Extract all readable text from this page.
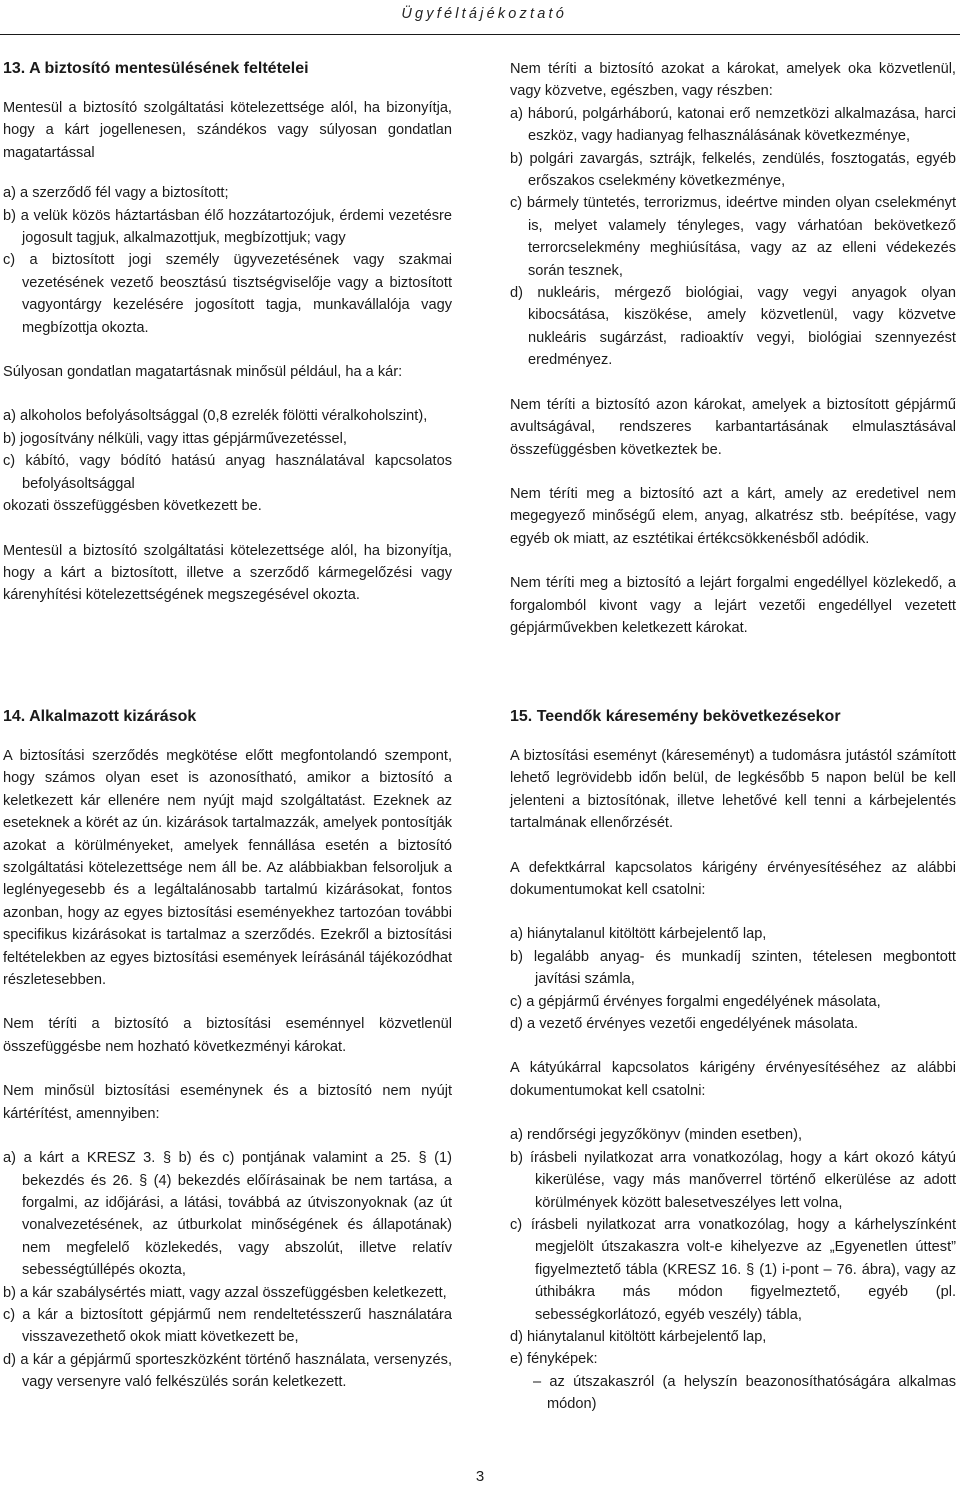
Ügyféltájékoztató
13. A biztosító mentesülésének feltételei

Mentesül a biztosító szolgáltatási kötelezettsége alól, ha bizonyítja, hogy a kárt jogellenesen, szándékos vagy súlyosan gondatlan magatartással

a) a szerződő fél vagy a biztosított;

b) a velük közös háztartásban élő hozzátartozójuk, érdemi vezetésre jogosult tagjuk, alkalmazottjuk, megbízottjuk; vagy

c) a biztosított jogi személy ügyvezetésének vagy szakmai vezetésének vezető beosztású tisztségviselője vagy a biztosított vagyontárgy kezelésére jogosított tagja, munkavállalója vagy megbízottja okozta.

Súlyosan gondatlan magatartásnak minősül például, ha a kár:

a) alkoholos befolyásoltsággal (0,8 ezrelék fölötti véralkoholszint),

b) jogosítvány nélküli, vagy ittas gépjárművezetéssel,

c) kábító, vagy bódító hatású anyag használatával kapcsolatos befolyásoltsággal

okozati összefüggésben következett be.

Mentesül a biztosító szolgáltatási kötelezettsége alól, ha bizonyítja, hogy a kárt a biztosított, illetve a szerződő kármegelőzési vagy kárenyhítési kötelezettségének megszegésével okozta.

Nem téríti a biztosító azokat a károkat, amelyek oka közvetlenül, vagy közvetve, egészben, vagy részben:

a) háború, polgárháború, katonai erő nemzetközi alkalmazása, harci eszköz, vagy hadianyag felhasználásának következménye,

b) polgári zavargás, sztrájk, felkelés, zendülés, fosztogatás, egyéb erőszakos cselekmény következménye,

c) bármely tüntetés, terrorizmus, ideértve minden olyan cselekményt is, melyet valamely tényleges, vagy várhatóan bekövetkező terrorcselekmény meghiúsítása, vagy az az elleni védekezés során tesznek,

d) nukleáris, mérgező biológiai, vagy vegyi anyagok olyan kibocsátása, kiszökése, amely közvetlenül, vagy közvetve nukleáris sugárzást, radioaktív vegyi, biológiai szennyezést eredményez.

Nem téríti a biztosító azon károkat, amelyek a biztosított gépjármű avultságával, rendszeres karbantartásának elmulasztásával összefüggésben következtek be.

Nem téríti meg a biztosító azt a kárt, amely az eredetivel nem megegyező minőségű elem, anyag, alkatrész stb. beépítése, vagy egyéb ok miatt, az esztétikai értékcsökkenésből adódik.

Nem téríti meg a biztosító a lejárt forgalmi engedéllyel közlekedő, a forgalomból kivont vagy a lejárt vezetői engedéllyel vezetett gépjárművekben keletkezett károkat.

14. Alkalmazott kizárások

A biztosítási szerződés megkötése előtt megfontolandó szempont, hogy számos olyan eset is azonosítható, amikor a biztosító a keletkezett kár ellenére nem nyújt majd szolgáltatást. Ezeknek az eseteknek a körét az ún. kizárások tartalmazzák, amelyek pontosítják azokat a körülményeket, amelyek fennállása esetén a biztosító szolgáltatási kötelezettsége nem áll be. Az alábbiakban felsoroljuk a leglényegesebb és a legáltalánosabb tartalmú kizárásokat, fontos azonban, hogy az egyes biztosítási eseményekhez tartozóan további specifikus kizárásokat is tartalmaz a szerződés. Ezekről a biztosítási feltételekben az egyes biztosítási események leírásánál tájékozódhat részletesebben.

Nem téríti a biztosító a biztosítási eseménnyel közvetlenül összefüggésbe nem hozható következményi károkat.

Nem minősül biztosítási eseménynek és a biztosító nem nyújt kártérítést, amennyiben:

a) a kárt a KRESZ 3. § b) és c) pontjának valamint a 25. § (1) bekezdés és 26. § (4) bekezdés előírásainak be nem tartása, a forgalmi, az időjárási, a látási, továbbá az útviszonyoknak (az út vonalvezetésének, az útburkolat minőségének és állapotának) nem megfelelő közlekedés, vagy abszolút, illetve relatív sebességtúllépés okozta,

b) a kár szabálysértés miatt, vagy azzal összefüggésben keletkezett,

c) a kár a biztosított gépjármű nem rendeltetésszerű használatára visszavezethető okok miatt következett be,

d) a kár a gépjármű sporteszközként történő használata, versenyzés, vagy versenyre való felkészülés során keletkezett.

15. Teendők káresemény bekövetkezésekor

A biztosítási eseményt (káreseményt) a tudomásra jutástól számított lehető legrövidebb időn belül, de legkésőbb 5 napon belül be kell jelenteni a biztosítónak, illetve lehetővé kell tenni a kárbejelentés tartalmának ellenőrzését.

A defektkárral kapcsolatos kárigény érvényesítéséhez az alábbi dokumentumokat kell csatolni:

a) hiánytalanul kitöltött kárbejelentő lap,

b) legalább anyag- és munkadíj szinten, tételesen megbontott javítási számla,

c) a gépjármű érvényes forgalmi engedélyének másolata,

d) a vezető érvényes vezetői engedélyének másolata.

A kátyúkárral kapcsolatos kárigény érvényesítéséhez az alábbi dokumentumokat kell csatolni:

a) rendőrségi jegyzőkönyv (minden esetben),

b) írásbeli nyilatkozat arra vonatkozólag, hogy a kárt okozó kátyú kikerülése, vagy más manőverrel történő elkerülése az adott körülmények között balesetveszélyes lett volna,

c) írásbeli nyilatkozat arra vonatkozólag, hogy a kárhelyszínként megjelölt útszakaszra volt-e kihelyezve az „Egyenetlen úttest” figyelmeztető tábla (KRESZ 16. § (1) i-pont – 76. ábra), vagy az úthibákra más módon figyelmeztető, egyéb (pl. sebességkorlátozó, egyéb veszély) tábla,

d) hiánytalanul kitöltött kárbejelentő lap,

e) fényképek:

– az útszakaszról (a helyszín beazonosíthatóságára alkalmas módon)

3
